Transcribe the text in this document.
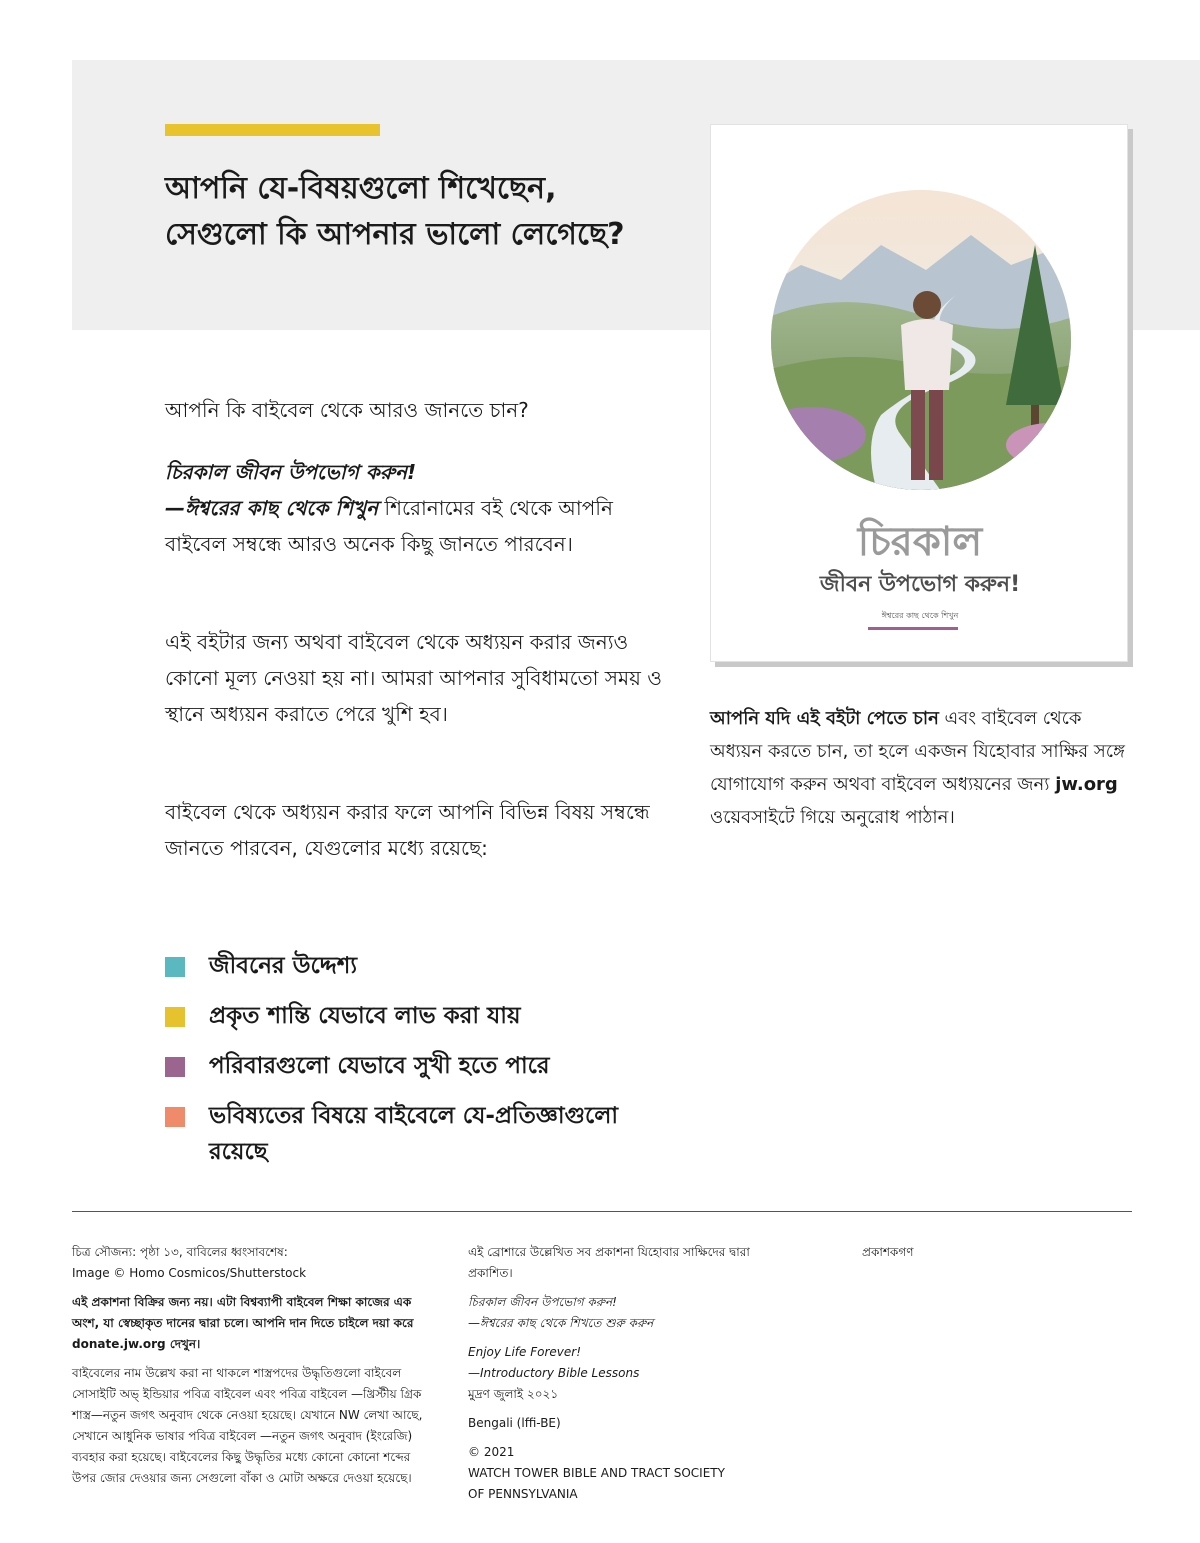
আপনি যে-বিষয়গুলো শিখেছেন,
সেগুলো কি আপনার ভালো লেগেছে?
চিরকাল
জীবন উপভোগ করুন!
ঈশ্বরের কাছ থেকে শিখুন

আপনি কি বাইবেল থেকে আরও জানতে চান?

চিরকাল জীবন উপভোগ করুন!
—ঈশ্বরের কাছ থেকে শিখুন শিরোনামের বই থেকে আপনি বাইবেল সম্বন্ধে আরও অনেক কিছু জানতে পারবেন।

এই বইটার জন্য অথবা বাইবেল থেকে অধ্যয়ন করার জন্যও কোনো মূল্য নেওয়া হয় না। আমরা আপনার সুবিধামতো সময় ও স্থানে অধ্যয়ন করাতে পেরে খুশি হব।

বাইবেল থেকে অধ্যয়ন করার ফলে আপনি বিভিন্ন বিষয় সম্বন্ধে জানতে পারবেন, যেগুলোর মধ্যে রয়েছে:

আপনি যদি এই বইটা পেতে চান এবং বাইবেল থেকে অধ্যয়ন করতে চান, তা হলে একজন যিহোবার সাক্ষির সঙ্গে যোগাযোগ করুন অথবা বাইবেল অধ্যয়নের জন্য jw.org ওয়েবসাইটে গিয়ে অনুরোধ পাঠান।

জীবনের উদ্দেশ্য
প্রকৃত শান্তি যেভাবে লাভ করা যায়
পরিবারগুলো যেভাবে সুখী হতে পারে
ভবিষ্যতের বিষয়ে বাইবেলে যে-প্রতিজ্ঞাগুলো রয়েছে

চিত্র সৌজন্য: পৃষ্ঠা ১৩, বাবিলের ধ্বংসাবশেষ:
Image © Homo Cosmicos/Shutterstock

এই প্রকাশনা বিক্রির জন্য নয়। এটা বিশ্বব্যাপী বাইবেল শিক্ষা কাজের এক অংশ, যা স্বেচ্ছাকৃত দানের দ্বারা চলে। আপনি দান দিতে চাইলে দয়া করে donate.jw.org দেখুন।

বাইবেলের নাম উল্লেখ করা না থাকলে শাস্ত্রপদের উদ্ধৃতিগুলো বাইবেল সোসাইটি অভ্ ইন্ডিয়ার পবিত্র বাইবেল এবং পবিত্র বাইবেল —খ্রিস্টীয় গ্রিক শাস্ত্র—নতুন জগৎ অনুবাদ থেকে নেওয়া হয়েছে। যেখানে NW লেখা আছে, সেখানে আধুনিক ভাষার পবিত্র বাইবেল —নতুন জগৎ অনুবাদ (ইংরেজি) ব্যবহার করা হয়েছে। বাইবেলের কিছু উদ্ধৃতির মধ্যে কোনো কোনো শব্দের উপর জোর দেওয়ার জন্য সেগুলো বাঁকা ও মোটা অক্ষরে দেওয়া হয়েছে।

এই ব্রোশারে উল্লেখিত সব প্রকাশনা যিহোবার সাক্ষিদের দ্বারা প্রকাশিত।

চিরকাল জীবন উপভোগ করুন!
—ঈশ্বরের কাছ থেকে শিখতে শুরু করুন

Enjoy Life Forever!
—Introductory Bible Lessons
মুদ্রণ জুলাই ২০২১

Bengali (lffi-BE)

© 2021
WATCH TOWER BIBLE AND TRACT SOCIETY
OF PENNSYLVANIA

প্রকাশকগণ
